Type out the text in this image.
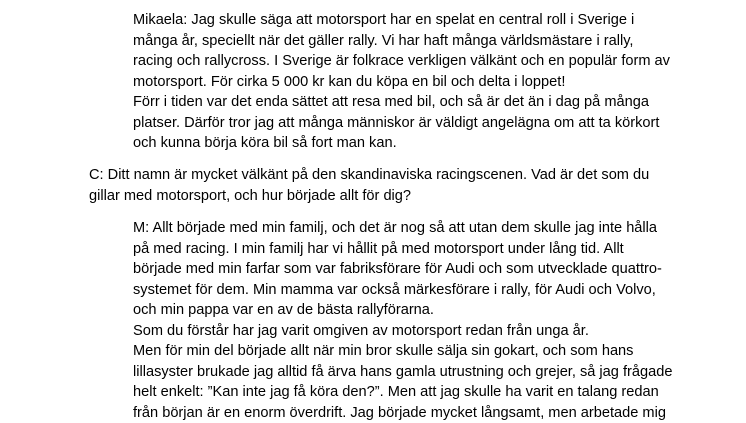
Mikaela: Jag skulle säga att motorsport har en spelat en central roll i Sverige i
många år, speciellt när det gäller rally. Vi har haft många världsmästare i rally,
racing och rallycross. I Sverige är folkrace verkligen välkänt och en populär form av
motorsport. För cirka 5 000 kr kan du köpa en bil och delta i loppet!
Förr i tiden var det enda sättet att resa med bil, och så är det än i dag på många
platser. Därför tror jag att många människor är väldigt angelägna om att ta körkort
och kunna börja köra bil så fort man kan.
C: Ditt namn är mycket välkänt på den skandinaviska racingscenen. Vad är det som du
gillar med motorsport, och hur började allt för dig?
M: Allt började med min familj, och det är nog så att utan dem skulle jag inte hålla
på med racing. I min familj har vi hållit på med motorsport under lång tid. Allt
började med min farfar som var fabriksförare för Audi och som utvecklade quattro-
systemet för dem. Min mamma var också märkesförare i rally, för Audi och Volvo,
och min pappa var en av de bästa rallyförarna.
Som du förstår har jag varit omgiven av motorsport redan från unga år.
Men för min del började allt när min bror skulle sälja sin gokart, och som hans
lillasyster brukade jag alltid få ärva hans gamla utrustning och grejer, så jag frågade
helt enkelt: ”Kan inte jag få köra den?”. Men att jag skulle ha varit en talang redan
från början är en enorm överdrift. Jag började mycket långsamt, men arbetade mig
